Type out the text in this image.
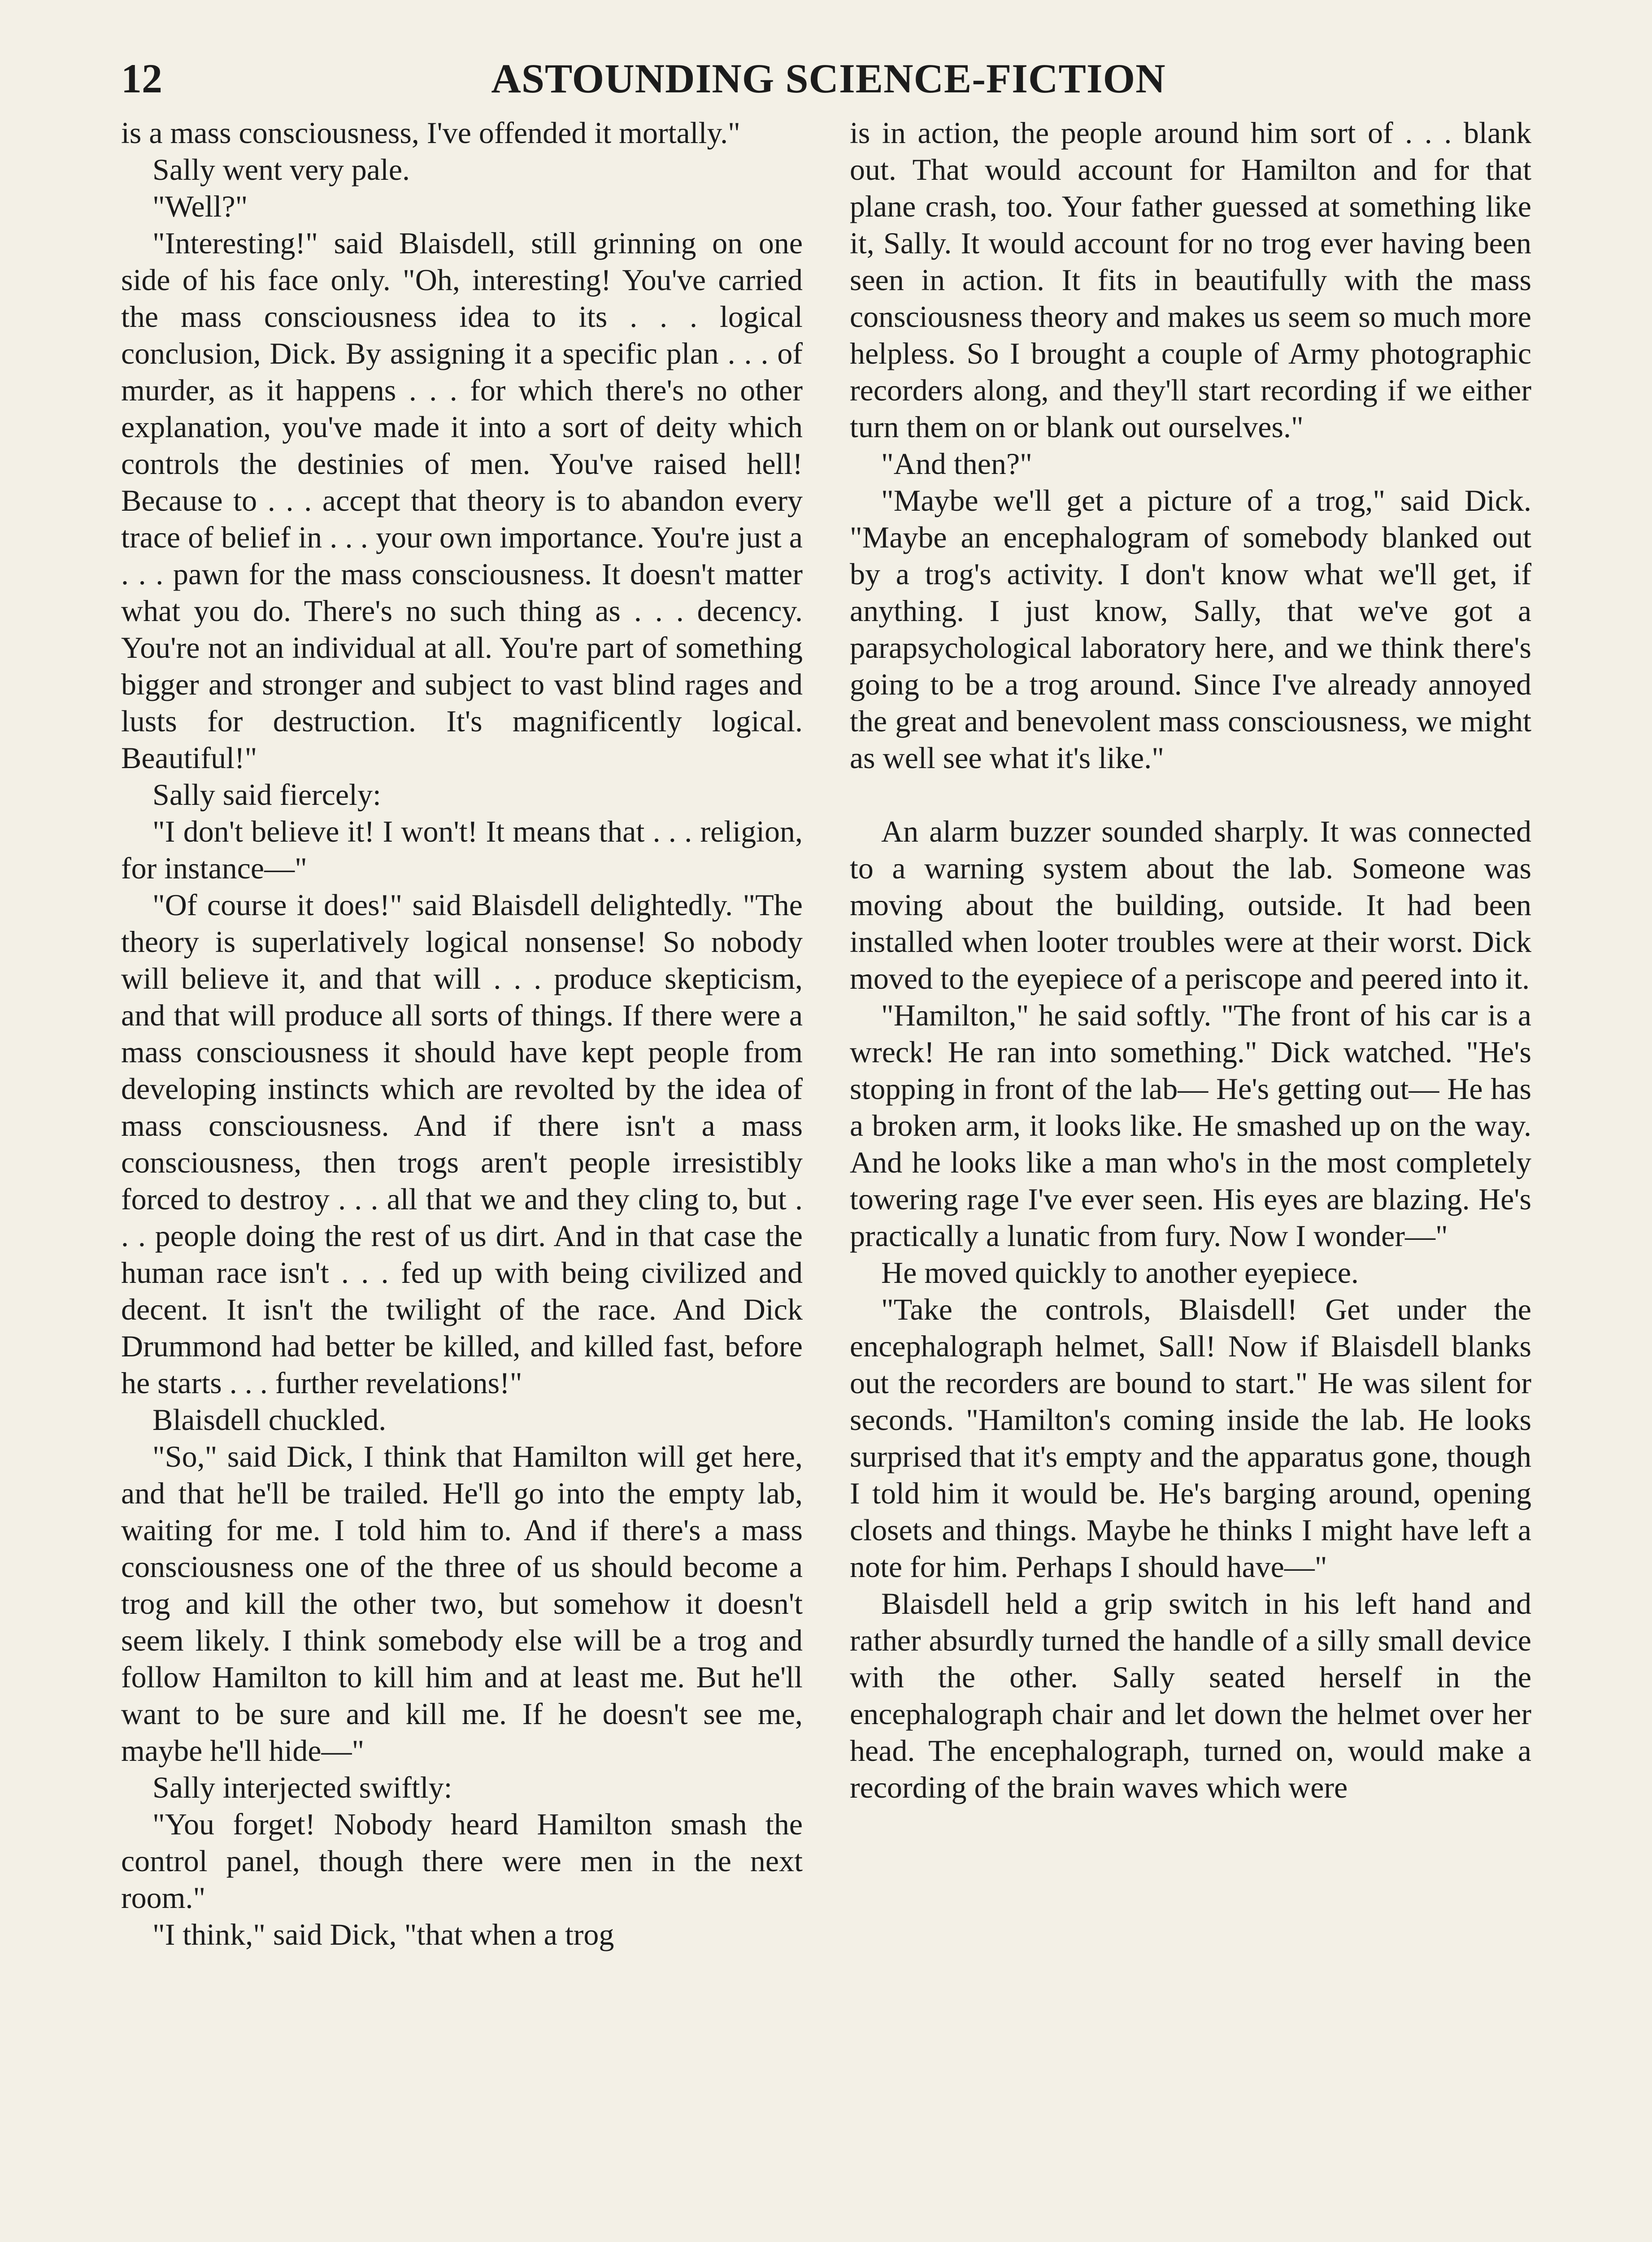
12	ASTOUNDING SCIENCE-FICTION

is a mass consciousness, I've offended it mortally."

Sally went very pale.

"Well?"

"Interesting!" said Blaisdell, still grinning on one side of his face only. "Oh, interesting! You've carried the mass consciousness idea to its . . . logical conclusion, Dick. By assigning it a specific plan . . . of murder, as it happens . . . for which there's no other explanation, you've made it into a sort of deity which controls the destinies of men. You've raised hell! Because to . . . accept that theory is to abandon every trace of belief in . . . your own importance. You're just a . . . pawn for the mass consciousness. It doesn't matter what you do. There's no such thing as . . . decency. You're not an individual at all. You're part of something bigger and stronger and subject to vast blind rages and lusts for destruction. It's magnificently logical. Beautiful!"

Sally said fiercely:

"I don't believe it! I won't! It means that . . . religion, for instance—"

"Of course it does!" said Blaisdell delightedly. "The theory is superlatively logical nonsense! So nobody will believe it, and that will . . . produce skepticism, and that will produce all sorts of things. If there were a mass consciousness it should have kept people from developing instincts which are revolted by the idea of mass consciousness. And if there isn't a mass consciousness, then trogs aren't people irresistibly forced to destroy . . . all that we and they cling to, but . . . people doing the rest of us dirt. And in that case the human race isn't . . . fed up with being civilized and decent. It isn't the twilight of the race. And Dick Drummond had better be killed, and killed fast, before he starts . . . further revelations!"

Blaisdell chuckled.

"So," said Dick, I think that Hamilton will get here, and that he'll be trailed. He'll go into the empty lab, waiting for me. I told him to. And if there's a mass consciousness one of the three of us should become a trog and kill the other two, but somehow it doesn't seem likely. I think somebody else will be a trog and follow Hamilton to kill him and at least me. But he'll want to be sure and kill me. If he doesn't see me, maybe he'll hide—"

Sally interjected swiftly:

"You forget! Nobody heard Hamilton smash the control panel, though there were men in the next room."

"I think," said Dick, "that when a trog

is in action, the people around him sort of . . . blank out. That would account for Hamilton and for that plane crash, too. Your father guessed at something like it, Sally. It would account for no trog ever having been seen in action. It fits in beautifully with the mass consciousness theory and makes us seem so much more helpless. So I brought a couple of Army photographic recorders along, and they'll start recording if we either turn them on or blank out ourselves."

"And then?"

"Maybe we'll get a picture of a trog," said Dick. "Maybe an encephalogram of somebody blanked out by a trog's activity. I don't know what we'll get, if anything. I just know, Sally, that we've got a parapsychological laboratory here, and we think there's going to be a trog around. Since I've already annoyed the great and benevolent mass consciousness, we might as well see what it's like."

An alarm buzzer sounded sharply. It was connected to a warning system about the lab. Someone was moving about the building, outside. It had been installed when looter troubles were at their worst. Dick moved to the eyepiece of a periscope and peered into it.

"Hamilton," he said softly. "The front of his car is a wreck! He ran into something." Dick watched. "He's stopping in front of the lab— He's getting out— He has a broken arm, it looks like. He smashed up on the way. And he looks like a man who's in the most completely towering rage I've ever seen. His eyes are blazing. He's practically a lunatic from fury. Now I wonder—"

He moved quickly to another eyepiece.

"Take the controls, Blaisdell! Get under the encephalograph helmet, Sall! Now if Blaisdell blanks out the recorders are bound to start." He was silent for seconds. "Hamilton's coming inside the lab. He looks surprised that it's empty and the apparatus gone, though I told him it would be. He's barging around, opening closets and things. Maybe he thinks I might have left a note for him. Perhaps I should have—"

Blaisdell held a grip switch in his left hand and rather absurdly turned the handle of a silly small device with the other. Sally seated herself in the encephalograph chair and let down the helmet over her head. The encephalograph, turned on, would make a recording of the brain waves which were
